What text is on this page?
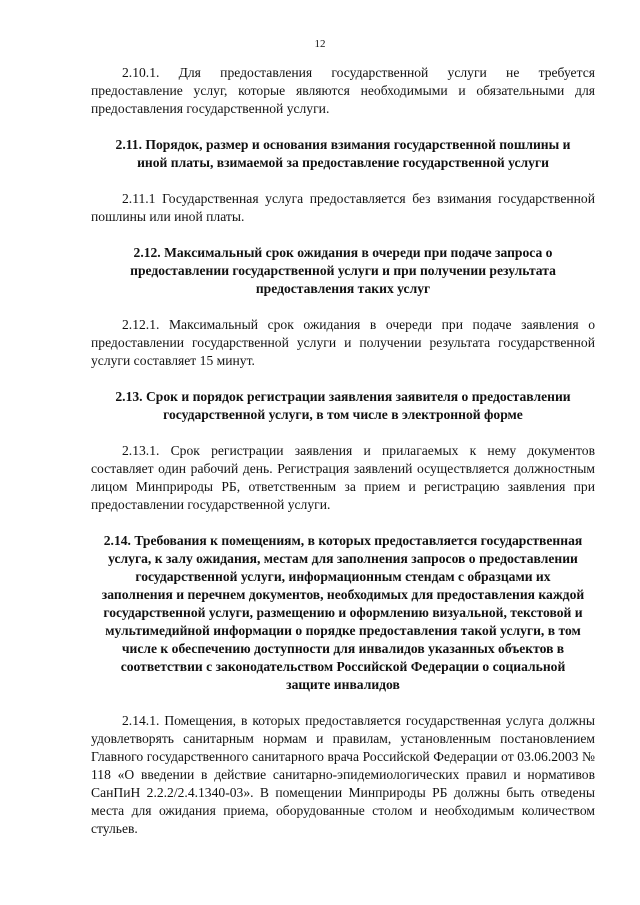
12

2.10.1. Для предоставления государственной услуги не требуется предоставление услуг, которые являются необходимыми и обязательными для предоставления государственной услуги.

2.11. Порядок, размер и основания взимания государственной пошлины и иной платы, взимаемой за предоставление государственной услуги

2.11.1 Государственная услуга предоставляется без взимания государственной пошлины или иной платы.

2.12. Максимальный срок ожидания в очереди при подаче запроса о предоставлении государственной услуги и при получении результата предоставления таких услуг

2.12.1. Максимальный срок ожидания в очереди при подаче заявления о предоставлении государственной услуги и получении результата государственной услуги составляет 15 минут.

2.13. Срок и порядок регистрации заявления заявителя о предоставлении государственной услуги, в том числе в электронной форме

2.13.1. Срок регистрации заявления и прилагаемых к нему документов составляет один рабочий день. Регистрация заявлений осуществляется должностным лицом Минприроды РБ, ответственным за прием и регистрацию заявления при предоставлении государственной услуги.

2.14. Требования к помещениям, в которых предоставляется государственная услуга, к залу ожидания, местам для заполнения запросов о предоставлении государственной услуги, информационным стендам с образцами их заполнения и перечнем документов, необходимых для предоставления каждой государственной услуги, размещению и оформлению визуальной, текстовой и мультимедийной информации о порядке предоставления такой услуги, в том числе к обеспечению доступности для инвалидов указанных объектов в соответствии с законодательством Российской Федерации о социальной защите инвалидов

2.14.1. Помещения, в которых предоставляется государственная услуга должны удовлетворять санитарным нормам и правилам, установленным постановлением Главного государственного санитарного врача Российской Федерации от 03.06.2003 № 118 «О введении в действие санитарно-эпидемиологических правил и нормативов СанПиН 2.2.2/2.4.1340-03». В помещении Минприроды РБ должны быть отведены места для ожидания приема, оборудованные столом и необходимым количеством стульев.
